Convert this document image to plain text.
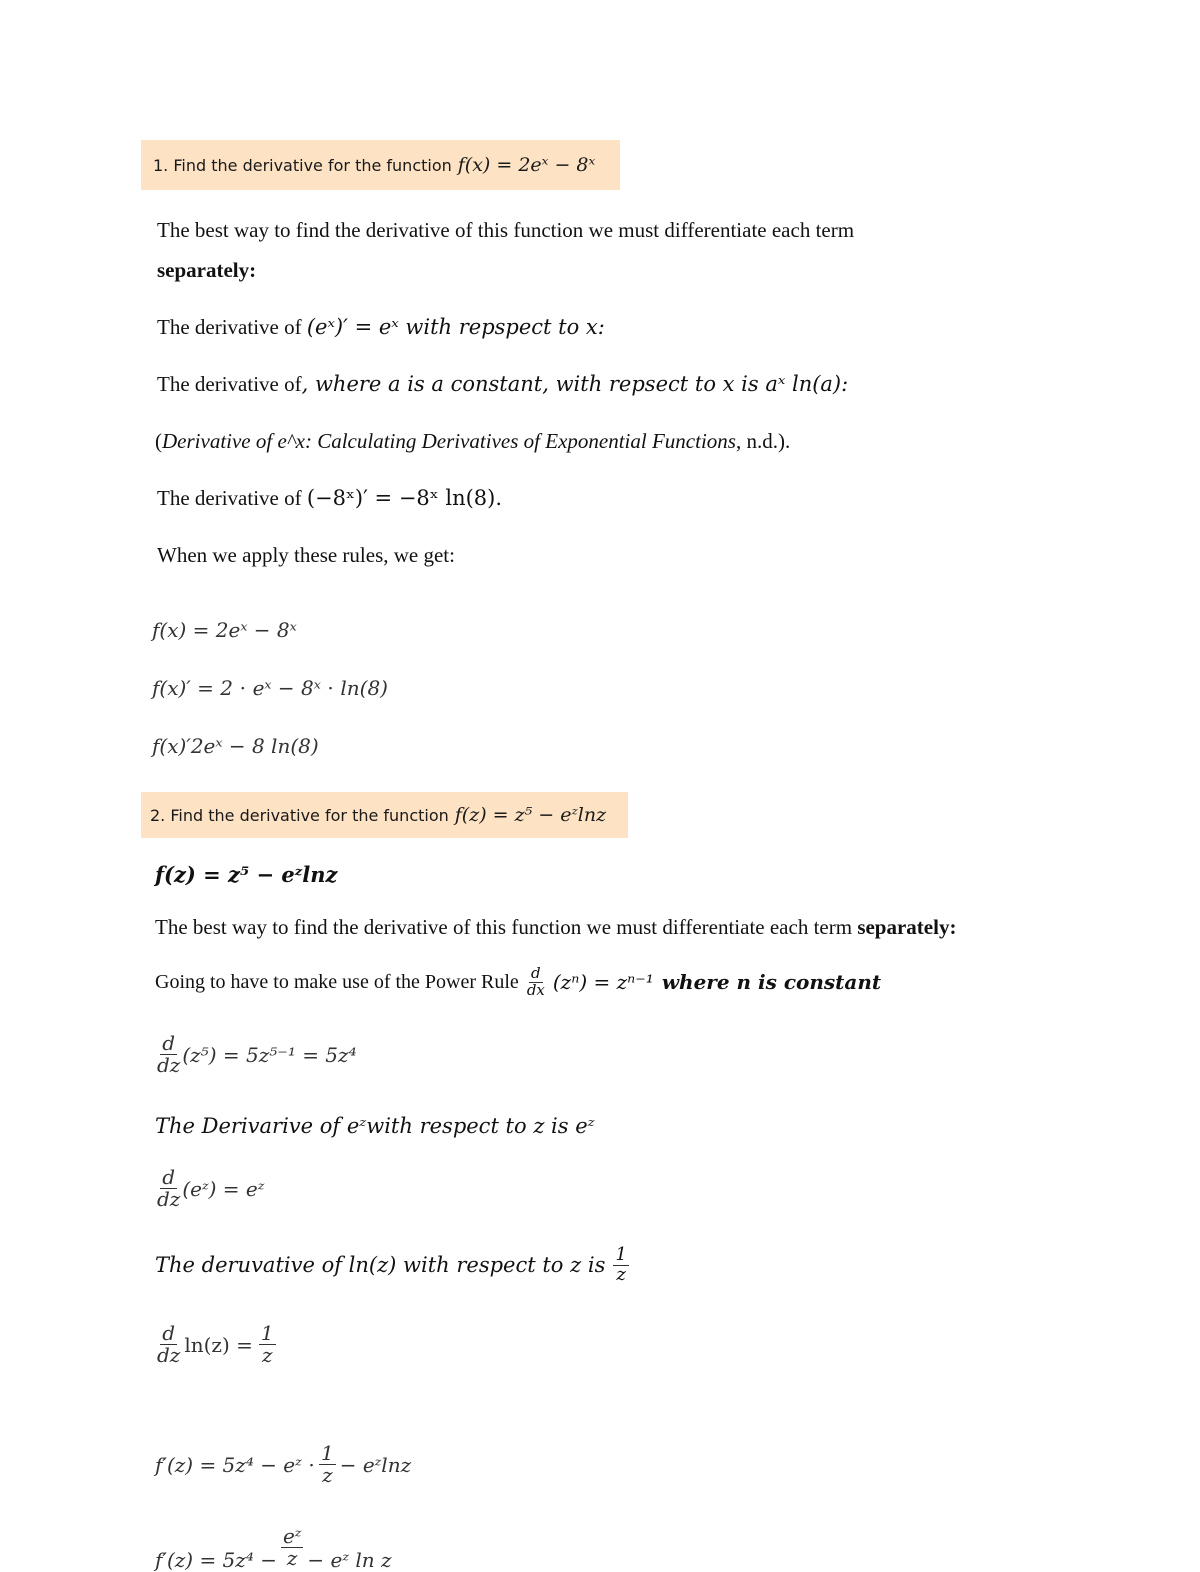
1. Find the derivative for the function f(x) = 2eˣ − 8ˣ
The best way to find the derivative of this function we must differentiate each term
separately:
The derivative of (eˣ)′ = eˣ with repspect to x:
The derivative of, where a is a constant, with repsect to x is aˣ ln(a):
(Derivative of e^x: Calculating Derivatives of Exponential Functions, n.d.).
The derivative of (−8ˣ)′ = −8ˣ ln(8).
When we apply these rules, we get:
f(x) = 2eˣ − 8ˣ
f(x)′ = 2 ⋅ eˣ − 8ˣ ⋅ ln(8)
f(x)′2eˣ − 8 ln(8)
2. Find the derivative for the function f(z) = z⁵ − eᶻlnz
f(z) = z⁵ − eᶻlnz
The best way to find the derivative of this function we must differentiate each term separately:
Going to have to make use of the Power Rule $\frac{d}{dx} (z^n) = z^{n-1}$ where n is constant
$\frac{d}{dz} (z^5) = 5z^{5-1} = 5z^4$
The Derivarive of eᶻwith respect to z is eᶻ
$\frac{d}{dz}$ (eᶻ) = eᶻ
The deruvative of ln(z) with respect to z is $\frac{1}{z}$
$\frac{d}{dz} \ln(z) = \frac{1}{z}$
f′(z) = 5z⁴ − eᶻ ⋅ $\frac{1}{z}$ − eᶻlnz
$f'(z) = 5z^4 - \frac{\text{eᶻ}}{z}$ − eᶻ ln z
